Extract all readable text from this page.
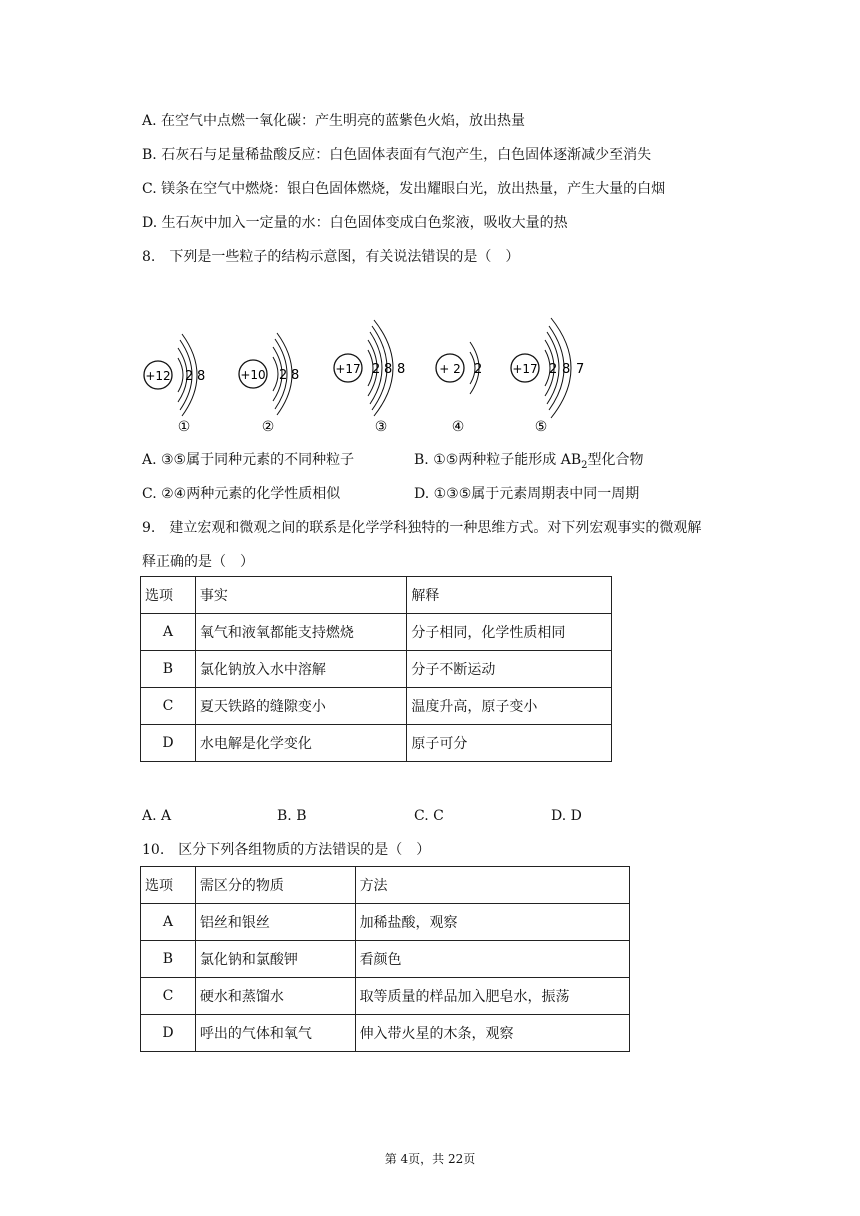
A. 在空气中点燃一氧化碳：产生明亮的蓝紫色火焰，放出热量
B. 石灰石与足量稀盐酸反应：白色固体表面有气泡产生，白色固体逐渐减少至消失
C. 镁条在空气中燃烧：银白色固体燃烧，发出耀眼白光，放出热量，产生大量的白烟
D. 生石灰中加入一定量的水：白色固体变成白色浆液，吸收大量的热
8.　下列是一些粒子的结构示意图，有关说法错误的是（　）
+12 2 8
①
+10 2 8
②
+17 2 8 8
③
+ 2 2
④
+17 2 8 7
⑤
A. ③⑤属于同种元素的不同种粒子	B. ①⑤两种粒子能形成 $AB_2$型化合物
C. ②④两种元素的化学性质相似	D. ①③⑤属于元素周期表中同一周期
9.　建立宏观和微观之间的联系是化学学科独特的一种思维方式。对下列宏观事实的微观解
释正确的是（　）
选项	事实	解释
A	氧气和液氧都能支持燃烧	分子相同，化学性质相同
B	氯化钠放入水中溶解	分子不断运动
C	夏天铁路的缝隙变小	温度升高，原子变小
D	水电解是化学变化	原子可分
A. A	B. B	C. C	D. D
10.　区分下列各组物质的方法错误的是（　）
选项	需区分的物质	方法
A	铝丝和银丝	加稀盐酸，观察
B	氯化钠和氯酸钾	看颜色
C	硬水和蒸馏水	取等质量的样品加入肥皂水，振荡
D	呼出的气体和氧气	伸入带火星的木条，观察
第 4页，共 22页
